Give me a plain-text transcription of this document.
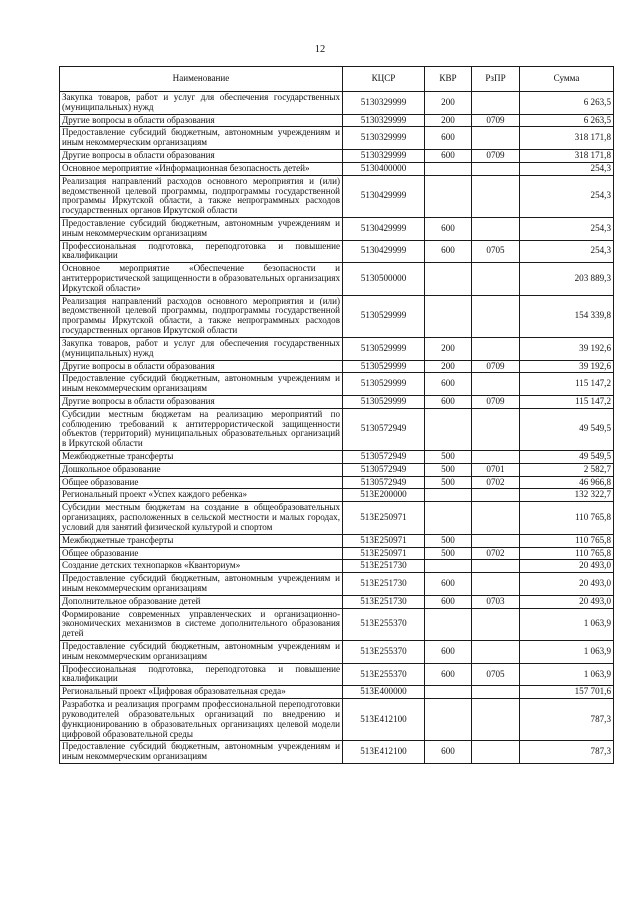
12
Наименование	КЦСР	КВР	РзПР	Сумма
Закупка товаров, работ и услуг для обеспечения государственных (муниципальных) нужд	5130329999	200		6 263,5
Другие вопросы в области образования	5130329999	200	0709	6 263,5
Предоставление субсидий бюджетным, автономным учреждениям и иным некоммерческим организациям	5130329999	600		318 171,8
Другие вопросы в области образования	5130329999	600	0709	318 171,8
Основное мероприятие «Информационная безопасность детей»	5130400000			254,3
Реализация направлений расходов основного мероприятия и (или) ведомственной целевой программы, подпрограммы государственной программы Иркутской области, а также непрограммных расходов государственных органов Иркутской области	5130429999			254,3
Предоставление субсидий бюджетным, автономным учреждениям и иным некоммерческим организациям	5130429999	600		254,3
Профессиональная подготовка, переподготовка и повышение квалификации	5130429999	600	0705	254,3
Основное мероприятие «Обеспечение безопасности и антитеррористической защищенности в образовательных организациях Иркутской области»	5130500000			203 889,3
Реализация направлений расходов основного мероприятия и (или) ведомственной целевой программы, подпрограммы государственной программы Иркутской области, а также непрограммных расходов государственных органов Иркутской области	5130529999			154 339,8
Закупка товаров, работ и услуг для обеспечения государственных (муниципальных) нужд	5130529999	200		39 192,6
Другие вопросы в области образования	5130529999	200	0709	39 192,6
Предоставление субсидий бюджетным, автономным учреждениям и иным некоммерческим организациям	5130529999	600		115 147,2
Другие вопросы в области образования	5130529999	600	0709	115 147,2
Субсидии местным бюджетам на реализацию мероприятий по соблюдению требований к антитеррористической защищенности объектов (территорий) муниципальных образовательных организаций в Иркутской области	5130572949			49 549,5
Межбюджетные трансферты	5130572949	500		49 549,5
Дошкольное образование	5130572949	500	0701	2 582,7
Общее образование	5130572949	500	0702	46 966,8
Региональный проект «Успех каждого ребенка»	513E200000			132 322,7
Субсидии местным бюджетам на создание в общеобразовательных организациях, расположенных в сельской местности и малых городах, условий для занятий физической культурой и спортом	513E250971			110 765,8
Межбюджетные трансферты	513E250971	500		110 765,8
Общее образование	513E250971	500	0702	110 765,8
Создание детских технопарков «Кванториум»	513E251730			20 493,0
Предоставление субсидий бюджетным, автономным учреждениям и иным некоммерческим организациям	513E251730	600		20 493,0
Дополнительное образование детей	513E251730	600	0703	20 493,0
Формирование современных управленческих и организационно-экономических механизмов в системе дополнительного образования детей	513E255370			1 063,9
Предоставление субсидий бюджетным, автономным учреждениям и иным некоммерческим организациям	513E255370	600		1 063,9
Профессиональная подготовка, переподготовка и повышение квалификации	513E255370	600	0705	1 063,9
Региональный проект «Цифровая образовательная среда»	513E400000			157 701,6
Разработка и реализация программ профессиональной переподготовки руководителей образовательных организаций по внедрению и функционированию в образовательных организациях целевой модели цифровой образовательной среды	513E412100			787,3
Предоставление субсидий бюджетным, автономным учреждениям и иным некоммерческим организациям	513E412100	600		787,3
